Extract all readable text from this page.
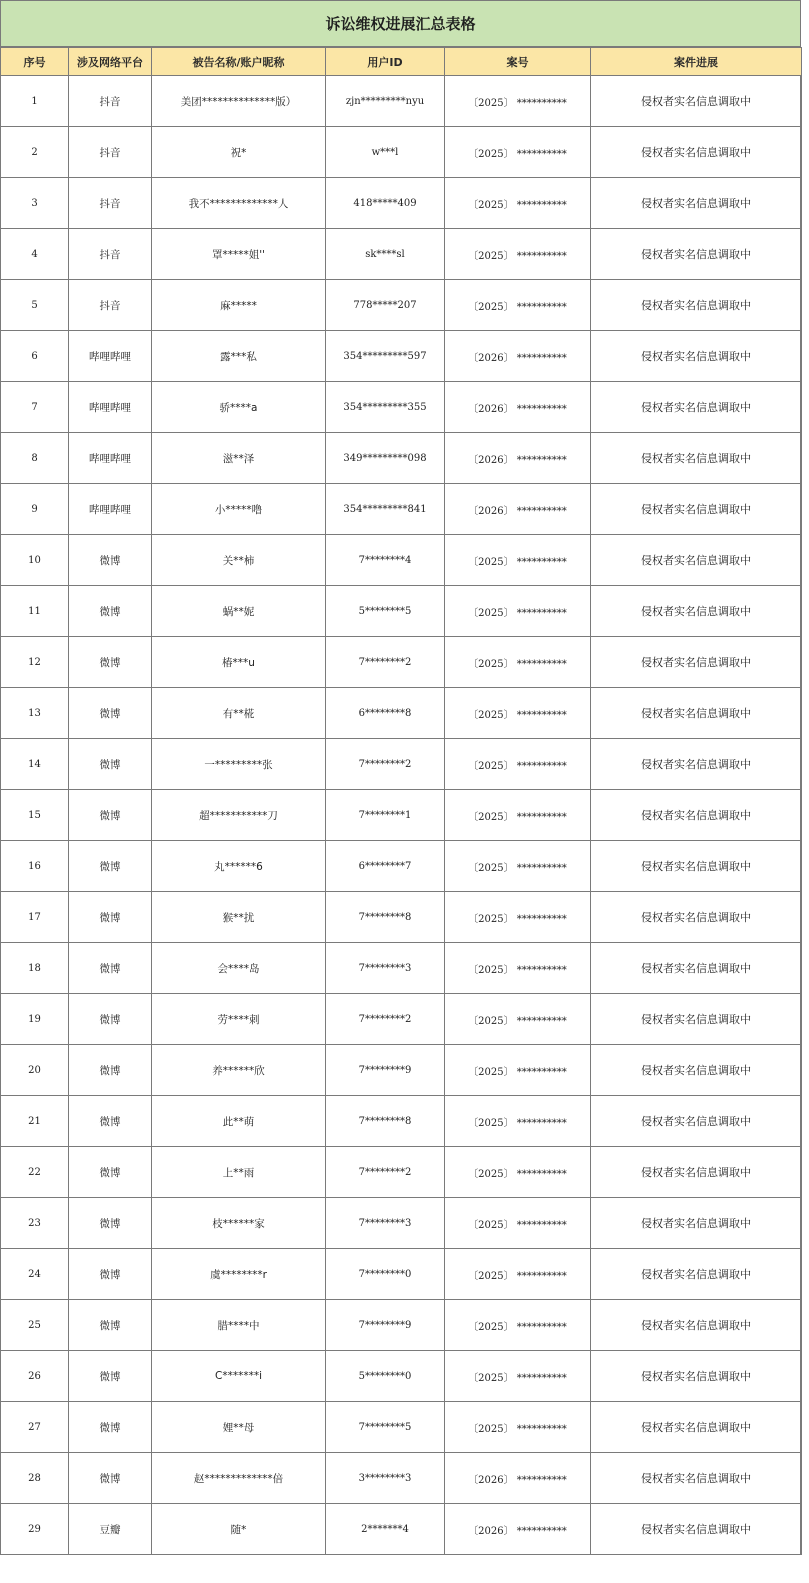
诉讼维权进展汇总表格
序号	涉及网络平台	被告名称/账户昵称	用户ID	案号	案件进展
1	抖音	美团**************版）	zjn*********nyu	〔2025〕 **********	侵权者实名信息调取中
2	抖音	祝*	w***l	〔2025〕 **********	侵权者实名信息调取中
3	抖音	我不*************人	418*****409	〔2025〕 **********	侵权者实名信息调取中
4	抖音	罩*****姐''	sk****sl	〔2025〕 **********	侵权者实名信息调取中
5	抖音	麻*****	778*****207	〔2025〕 **********	侵权者实名信息调取中
6	哔哩哔哩	露***私	354*********597	〔2026〕 **********	侵权者实名信息调取中
7	哔哩哔哩	骄****a	354*********355	〔2026〕 **********	侵权者实名信息调取中
8	哔哩哔哩	滋**泽	349*********098	〔2026〕 **********	侵权者实名信息调取中
9	哔哩哔哩	小*****噜	354*********841	〔2026〕 **********	侵权者实名信息调取中
10	微博	关**柿	7********4	〔2025〕 **********	侵权者实名信息调取中
11	微博	蜗**妮	5********5	〔2025〕 **********	侵权者实名信息调取中
12	微博	椿***u	7********2	〔2025〕 **********	侵权者实名信息调取中
13	微博	有**椛	6********8	〔2025〕 **********	侵权者实名信息调取中
14	微博	一*********张	7********2	〔2025〕 **********	侵权者实名信息调取中
15	微博	超***********刀	7********1	〔2025〕 **********	侵权者实名信息调取中
16	微博	丸******6	6********7	〔2025〕 **********	侵权者实名信息调取中
17	微博	猴**扰	7********8	〔2025〕 **********	侵权者实名信息调取中
18	微博	会****岛	7********3	〔2025〕 **********	侵权者实名信息调取中
19	微博	劳****刺	7********2	〔2025〕 **********	侵权者实名信息调取中
20	微博	养******欣	7********9	〔2025〕 **********	侵权者实名信息调取中
21	微博	此**萌	7********8	〔2025〕 **********	侵权者实名信息调取中
22	微博	上**雨	7********2	〔2025〕 **********	侵权者实名信息调取中
23	微博	枝******家	7********3	〔2025〕 **********	侵权者实名信息调取中
24	微博	虞********r	7********0	〔2025〕 **********	侵权者实名信息调取中
25	微博	腊****中	7********9	〔2025〕 **********	侵权者实名信息调取中
26	微博	C*******i	5********0	〔2025〕 **********	侵权者实名信息调取中
27	微博	娌**母	7********5	〔2025〕 **********	侵权者实名信息调取中
28	微博	赵*************倍	3********3	〔2026〕 **********	侵权者实名信息调取中
29	豆瓣	随*	2*******4	〔2026〕 **********	侵权者实名信息调取中
